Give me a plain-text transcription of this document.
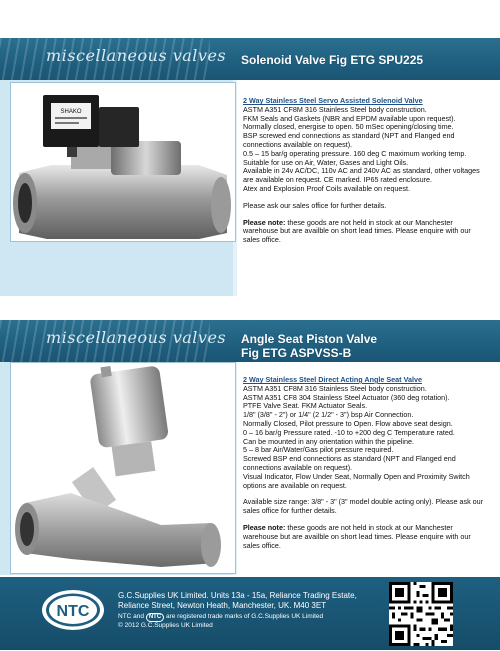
miscellaneous valves Solenoid Valve Fig ETG SPU225
SHAKO

2 Way Stainless Steel Servo Assisted Solenoid Valve

ASTM A351 CF8M 316 Stainless Steel body construction.

FKM Seals and Gaskets (NBR and EPDM available upon request).

Normally closed, energise to open. 50 mSec opening/closing time.

BSP screwed end connections as standard (NPT and Flanged end connections available on request).

0.5 – 15 bar/g operating pressure. 160 deg C maximum working temp.

Suitable for use on Air, Water, Gases and Light Oils.

Available in 24v AC/DC, 110v AC and 240v AC as standard, other voltages are available on request. CE marked. IP65 rated enclosure.

Atex and Explosion Proof Coils available on request.

Please ask our sales office for further details.

Please note: these goods are not held in stock at our Manchester warehouse but are availble on short lead times. Please enquire with our sales office.

miscellaneous valves Angle Seat Piston Valve
Fig ETG ASPVSS-B

2 Way Stainless Steel Direct Acting Angle Seat Valve

ASTM A351 CF8M 316 Stainless Steel body construction.

ASTM A351 CF8 304 Stainless Steel Actuator (360 deg rotation).

PTFE Valve Seat. FKM Actuator Seals.

1/8" (3/8" - 2") or 1/4" (2 1/2" - 3") bsp Air Connection.

Normally Closed, Pilot pressure to Open. Flow above seat design.

0 – 16 bar/g Pressure rated. -10 to +200 deg C Temperature rated.

Can be mounted in any orientation within the pipeline.

5 – 8 bar Air/Water/Gas pilot pressure required.

Screwed BSP end connections as standard (NPT and Flanged end connections available on request).

Visual Indicator, Flow Under Seat, Normally Open and Proximity Switch options are available on request.

Available size range: 3/8" - 3" (3" model double acting only). Please ask our sales office for further details.

Please note: these goods are not held in stock at our Manchester warehouse but are availble on short lead times. Please enquire with our sales office.

NTC
G.C.Supplies UK Limited. Units 13a - 15a, Reliance Trading Estate,
Reliance Street, Newton Heath, Manchester, UK. M40 3ET
NTC and NTC are registered trade marks of G.C.Supplies UK Limited
© 2012 G.C.Supplies UK Limited
